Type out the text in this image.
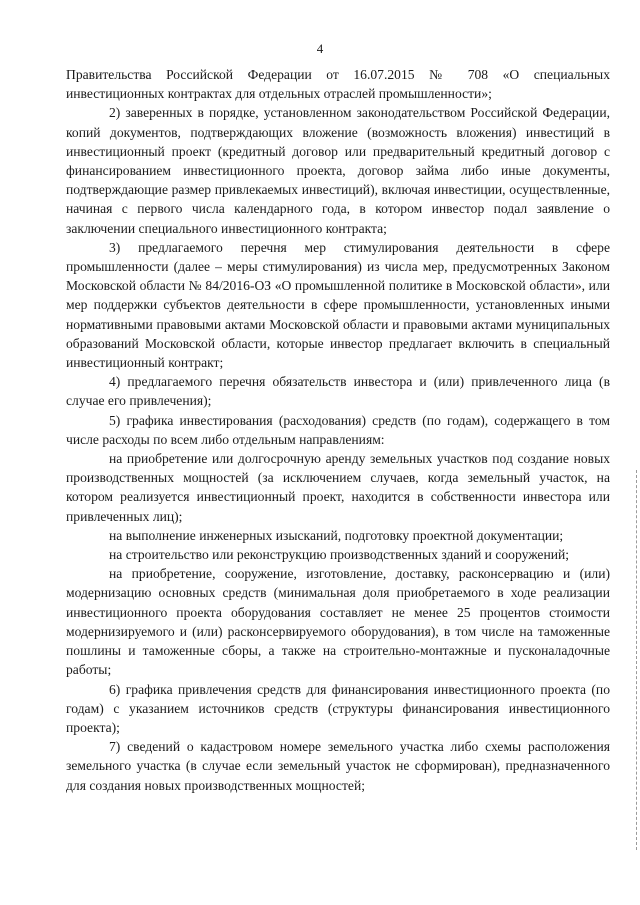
4

Правительства Российской Федерации от 16.07.2015 № 708 «О специальных инвестиционных контрактах для отдельных отраслей промышленности»;

2) заверенных в порядке, установленном законодательством Российской Федерации, копий документов, подтверждающих вложение (возможность вложения) инвестиций в инвестиционный проект (кредитный договор или предварительный кредитный договор с финансированием инвестиционного проекта, договор займа либо иные документы, подтверждающие размер привлекаемых инвестиций), включая инвестиции, осуществленные, начиная с первого числа календарного года, в котором инвестор подал заявление о заключении специального инвестиционного контракта;

3) предлагаемого перечня мер стимулирования деятельности в сфере промышленности (далее – меры стимулирования) из числа мер, предусмотренных Законом Московской области № 84/2016-ОЗ «О промышленной политике в Московской области», или мер поддержки субъектов деятельности в сфере промышленности, установленных иными нормативными правовыми актами Московской области и правовыми актами муниципальных образований Московской области, которые инвестор предлагает включить в специальный инвестиционный контракт;

4) предлагаемого перечня обязательств инвестора и (или) привлеченного лица (в случае его привлечения);

5) графика инвестирования (расходования) средств (по годам), содержащего в том числе расходы по всем либо отдельным направлениям:

на приобретение или долгосрочную аренду земельных участков под создание новых производственных мощностей (за исключением случаев, когда земельный участок, на котором реализуется инвестиционный проект, находится в собственности инвестора или привлеченных лиц);

на выполнение инженерных изысканий, подготовку проектной документации;

на строительство или реконструкцию производственных зданий и сооружений;

на приобретение, сооружение, изготовление, доставку, расконсервацию и (или) модернизацию основных средств (минимальная доля приобретаемого в ходе реализации инвестиционного проекта оборудования составляет не менее 25 процентов стоимости модернизируемого и (или) расконсервируемого оборудования), в том числе на таможенные пошлины и таможенные сборы, а также на строительно-монтажные и пусконаладочные работы;

6) графика привлечения средств для финансирования инвестиционного проекта (по годам) с указанием источников средств (структуры финансирования инвестиционного проекта);

7) сведений о кадастровом номере земельного участка либо схемы расположения земельного участка (в случае если земельный участок не сформирован), предназначенного для создания новых производственных мощностей;
